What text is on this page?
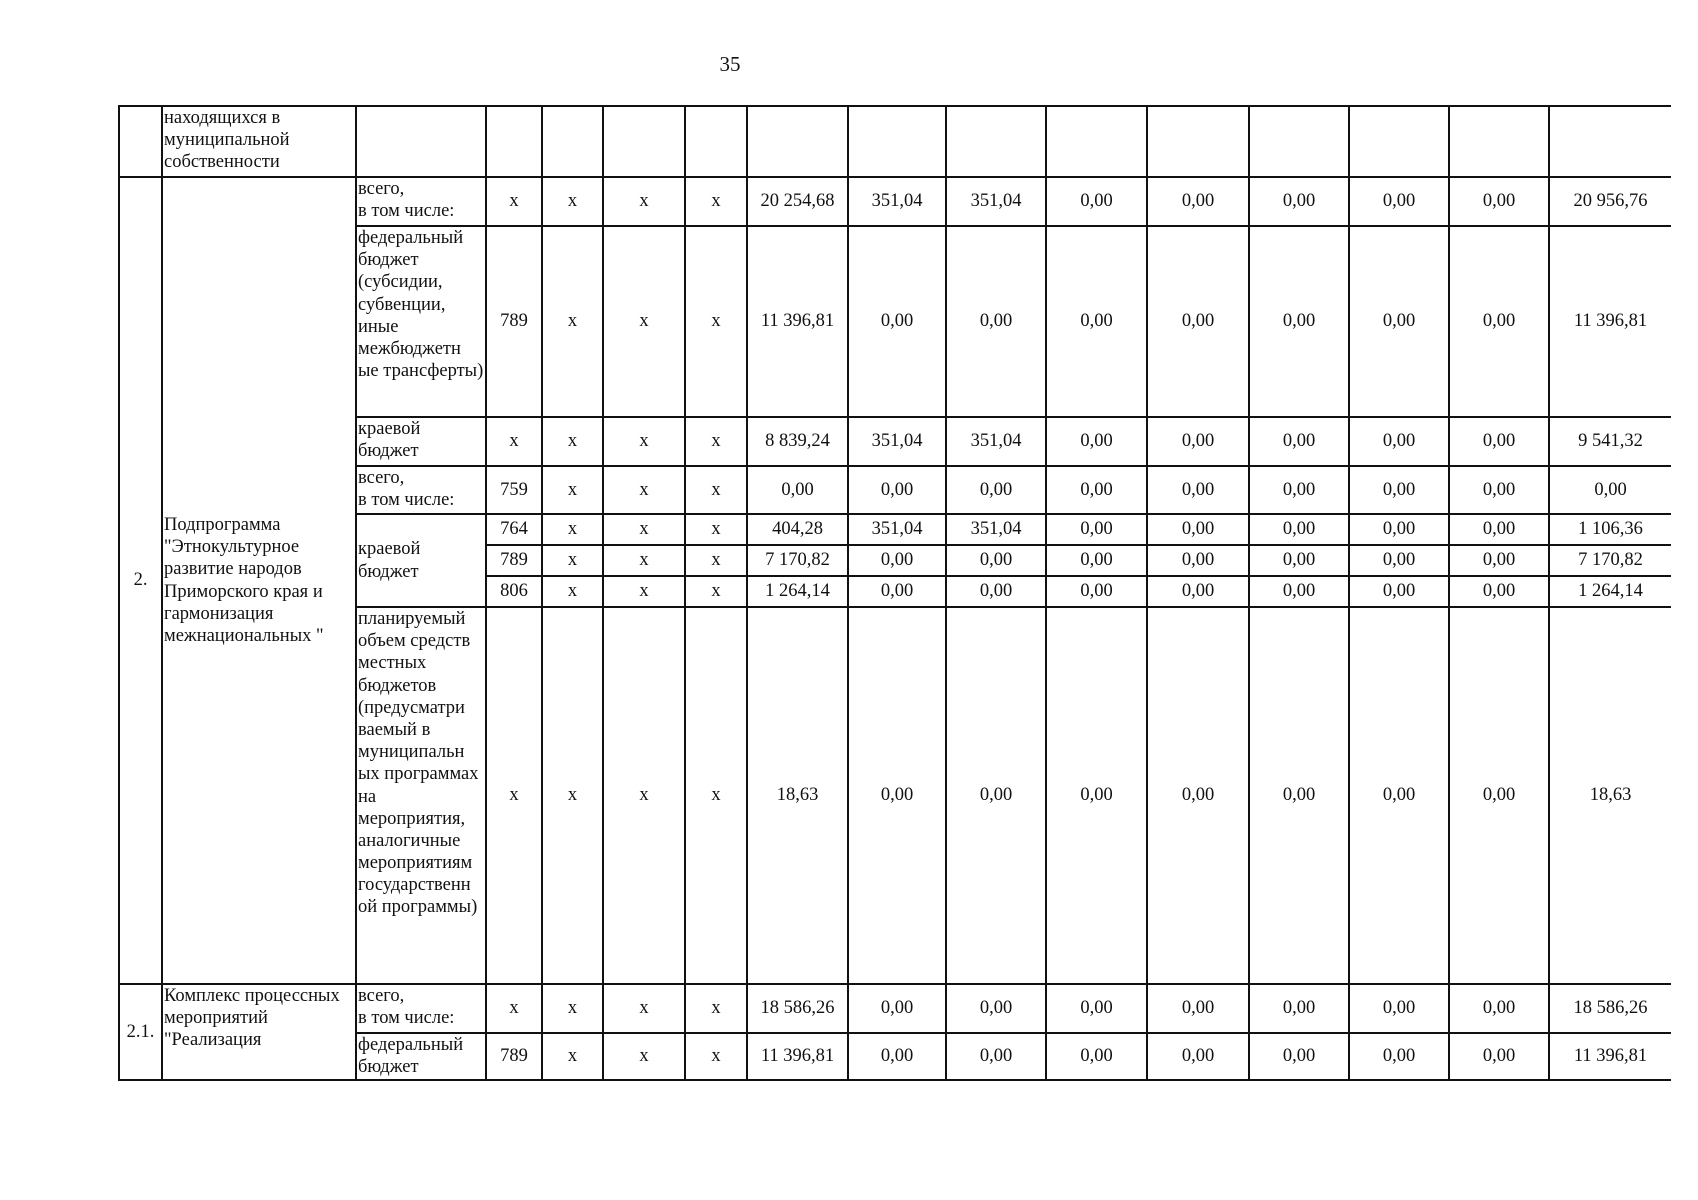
35
	находящихся в муниципальной собственности														
2.	Подпрограмма "Этнокультурное развитие народов Приморского края и гармонизация межнациональных "	всего,
в том числе:	x	x	x	x	20 254,68	351,04	351,04	0,00	0,00	0,00	0,00	0,00	20 956,76
		федеральный бюджет (субсидии, субвенции, иные межбюджетн ые трансферты)	789	x	x	x	11 396,81	0,00	0,00	0,00	0,00	0,00	0,00	0,00	11 396,81
		краевой бюджет	x	x	x	x	8 839,24	351,04	351,04	0,00	0,00	0,00	0,00	0,00	9 541,32
		всего,
в том числе:	759	x	x	x	0,00	0,00	0,00	0,00	0,00	0,00	0,00	0,00	0,00
		краевой бюджет	764	x	x	x	404,28	351,04	351,04	0,00	0,00	0,00	0,00	0,00	1 106,36
			789	x	x	x	7 170,82	0,00	0,00	0,00	0,00	0,00	0,00	0,00	7 170,82
			806	x	x	x	1 264,14	0,00	0,00	0,00	0,00	0,00	0,00	0,00	1 264,14
		планируемый объем средств местных бюджетов (предусматри ваемый в муниципальн ых программах на мероприятия, аналогичные мероприятиям государственн ой программы)	x	x	x	x	18,63	0,00	0,00	0,00	0,00	0,00	0,00	0,00	18,63
2.1.	Комплекс процессных мероприятий "Реализация	всего,
в том числе:	x	x	x	x	18 586,26	0,00	0,00	0,00	0,00	0,00	0,00	0,00	18 586,26
		федеральный бюджет	789	x	x	x	11 396,81	0,00	0,00	0,00	0,00	0,00	0,00	0,00	11 396,81
